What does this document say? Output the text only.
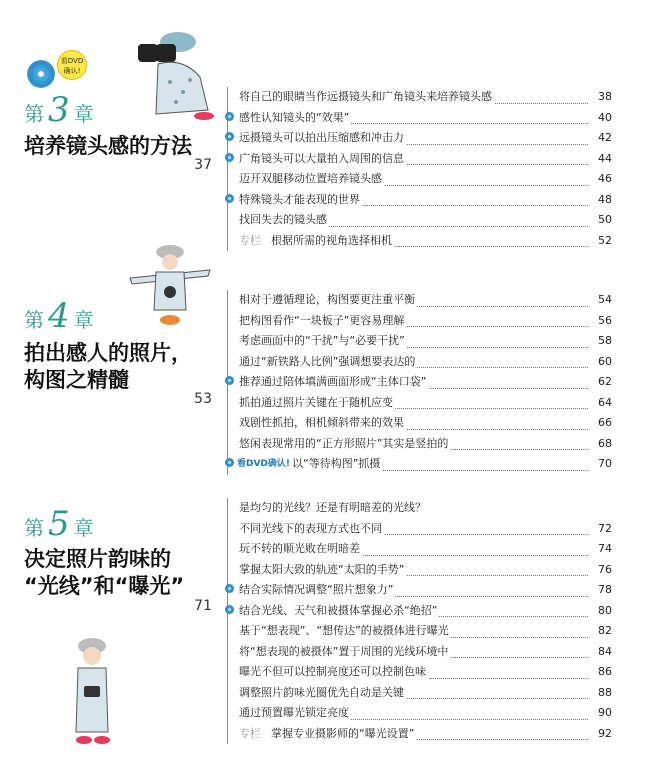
看DVD
确认!
第 3 章
培养镜头感的方法
37
将自己的眼睛当作远摄镜头和广角镜头来培养镜头感	38
感性认知镜头的“效果”	40
远摄镜头可以拍出压缩感和冲击力	42
广角镜头可以大量拍入周围的信息	44
迈开双腿移动位置培养镜头感	46
特殊镜头才能表现的世界	48
找回失去的镜头感	50
专栏 根据所需的视角选择相机	52
第 4 章
拍出感人的照片，
构图之精髓
53
相对于遵循理论，构图要更注重平衡	54
把构图看作“一块板子”更容易理解	56
考虑画面中的“干扰”与“必要干扰”	58
通过“新铁路人比例”强调想要表达的	60
推荐通过陪体填满画面形成“主体口袋”	62
抓拍通过照片关键在于随机应变	64
戏剧性抓拍，相机倾斜带来的效果	66
悠闲表现常用的“正方形照片”其实是竖拍的	68
看DVD确认! 以“等待构图”抓摄	70
第 5 章
决定照片韵味的
“光线”和“曝光”
71
是均匀的光线？还是有明暗差的光线？
不同光线下的表现方式也不同	72
玩不转的顺光败在明暗差	74
掌握太阳大致的轨迹“太阳的手势”	76
结合实际情况调整“照片想象力”	78
结合光线、天气和被摄体掌握必杀“绝招”	80
基于“想表现”、“想传达”的被摄体进行曝光	82
将“想表现的被摄体”置于周围的光线环境中	84
曝光不但可以控制亮度还可以控制色味	86
调整照片韵味光圈优先自动是关键	88
通过预置曝光锁定亮度	90
专栏 掌握专业摄影师的“曝光设置”	92
